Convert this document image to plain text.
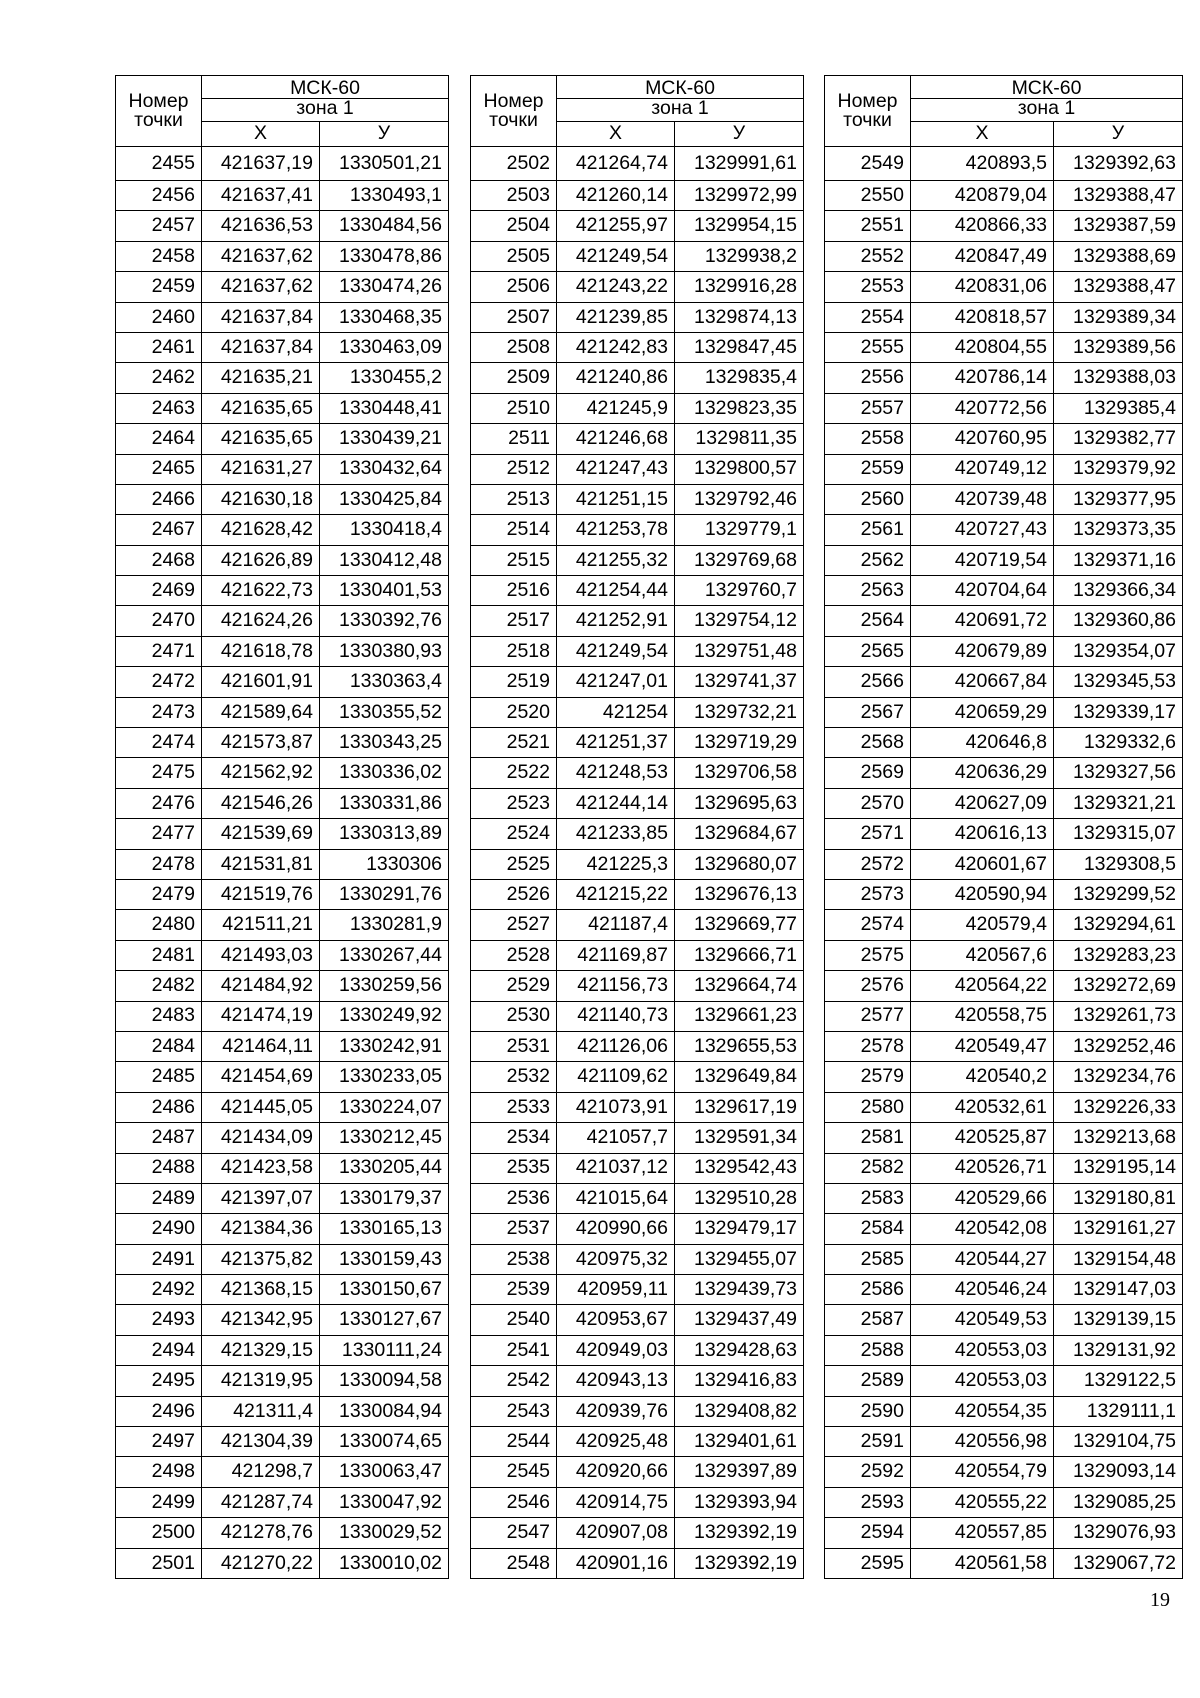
Номер
точки	МСК-60	
	зона 1	
	X	У
2455	421637,19	1330501,21
2456	421637,41	1330493,1
2457	421636,53	1330484,56
2458	421637,62	1330478,86
2459	421637,62	1330474,26
2460	421637,84	1330468,35
2461	421637,84	1330463,09
2462	421635,21	1330455,2
2463	421635,65	1330448,41
2464	421635,65	1330439,21
2465	421631,27	1330432,64
2466	421630,18	1330425,84
2467	421628,42	1330418,4
2468	421626,89	1330412,48
2469	421622,73	1330401,53
2470	421624,26	1330392,76
2471	421618,78	1330380,93
2472	421601,91	1330363,4
2473	421589,64	1330355,52
2474	421573,87	1330343,25
2475	421562,92	1330336,02
2476	421546,26	1330331,86
2477	421539,69	1330313,89
2478	421531,81	1330306
2479	421519,76	1330291,76
2480	421511,21	1330281,9
2481	421493,03	1330267,44
2482	421484,92	1330259,56
2483	421474,19	1330249,92
2484	421464,11	1330242,91
2485	421454,69	1330233,05
2486	421445,05	1330224,07
2487	421434,09	1330212,45
2488	421423,58	1330205,44
2489	421397,07	1330179,37
2490	421384,36	1330165,13
2491	421375,82	1330159,43
2492	421368,15	1330150,67
2493	421342,95	1330127,67
2494	421329,15	1330111,24
2495	421319,95	1330094,58
2496	421311,4	1330084,94
2497	421304,39	1330074,65
2498	421298,7	1330063,47
2499	421287,74	1330047,92
2500	421278,76	1330029,52
2501	421270,22	1330010,02
Номер
точки	МСК-60	
	зона 1	
	X	У
2502	421264,74	1329991,61
2503	421260,14	1329972,99
2504	421255,97	1329954,15
2505	421249,54	1329938,2
2506	421243,22	1329916,28
2507	421239,85	1329874,13
2508	421242,83	1329847,45
2509	421240,86	1329835,4
2510	421245,9	1329823,35
2511	421246,68	1329811,35
2512	421247,43	1329800,57
2513	421251,15	1329792,46
2514	421253,78	1329779,1
2515	421255,32	1329769,68
2516	421254,44	1329760,7
2517	421252,91	1329754,12
2518	421249,54	1329751,48
2519	421247,01	1329741,37
2520	421254	1329732,21
2521	421251,37	1329719,29
2522	421248,53	1329706,58
2523	421244,14	1329695,63
2524	421233,85	1329684,67
2525	421225,3	1329680,07
2526	421215,22	1329676,13
2527	421187,4	1329669,77
2528	421169,87	1329666,71
2529	421156,73	1329664,74
2530	421140,73	1329661,23
2531	421126,06	1329655,53
2532	421109,62	1329649,84
2533	421073,91	1329617,19
2534	421057,7	1329591,34
2535	421037,12	1329542,43
2536	421015,64	1329510,28
2537	420990,66	1329479,17
2538	420975,32	1329455,07
2539	420959,11	1329439,73
2540	420953,67	1329437,49
2541	420949,03	1329428,63
2542	420943,13	1329416,83
2543	420939,76	1329408,82
2544	420925,48	1329401,61
2545	420920,66	1329397,89
2546	420914,75	1329393,94
2547	420907,08	1329392,19
2548	420901,16	1329392,19
Номер
точки	МСК-60	
	зона 1	
	X	У
2549	420893,5	1329392,63
2550	420879,04	1329388,47
2551	420866,33	1329387,59
2552	420847,49	1329388,69
2553	420831,06	1329388,47
2554	420818,57	1329389,34
2555	420804,55	1329389,56
2556	420786,14	1329388,03
2557	420772,56	1329385,4
2558	420760,95	1329382,77
2559	420749,12	1329379,92
2560	420739,48	1329377,95
2561	420727,43	1329373,35
2562	420719,54	1329371,16
2563	420704,64	1329366,34
2564	420691,72	1329360,86
2565	420679,89	1329354,07
2566	420667,84	1329345,53
2567	420659,29	1329339,17
2568	420646,8	1329332,6
2569	420636,29	1329327,56
2570	420627,09	1329321,21
2571	420616,13	1329315,07
2572	420601,67	1329308,5
2573	420590,94	1329299,52
2574	420579,4	1329294,61
2575	420567,6	1329283,23
2576	420564,22	1329272,69
2577	420558,75	1329261,73
2578	420549,47	1329252,46
2579	420540,2	1329234,76
2580	420532,61	1329226,33
2581	420525,87	1329213,68
2582	420526,71	1329195,14
2583	420529,66	1329180,81
2584	420542,08	1329161,27
2585	420544,27	1329154,48
2586	420546,24	1329147,03
2587	420549,53	1329139,15
2588	420553,03	1329131,92
2589	420553,03	1329122,5
2590	420554,35	1329111,1
2591	420556,98	1329104,75
2592	420554,79	1329093,14
2593	420555,22	1329085,25
2594	420557,85	1329076,93
2595	420561,58	1329067,72
19
